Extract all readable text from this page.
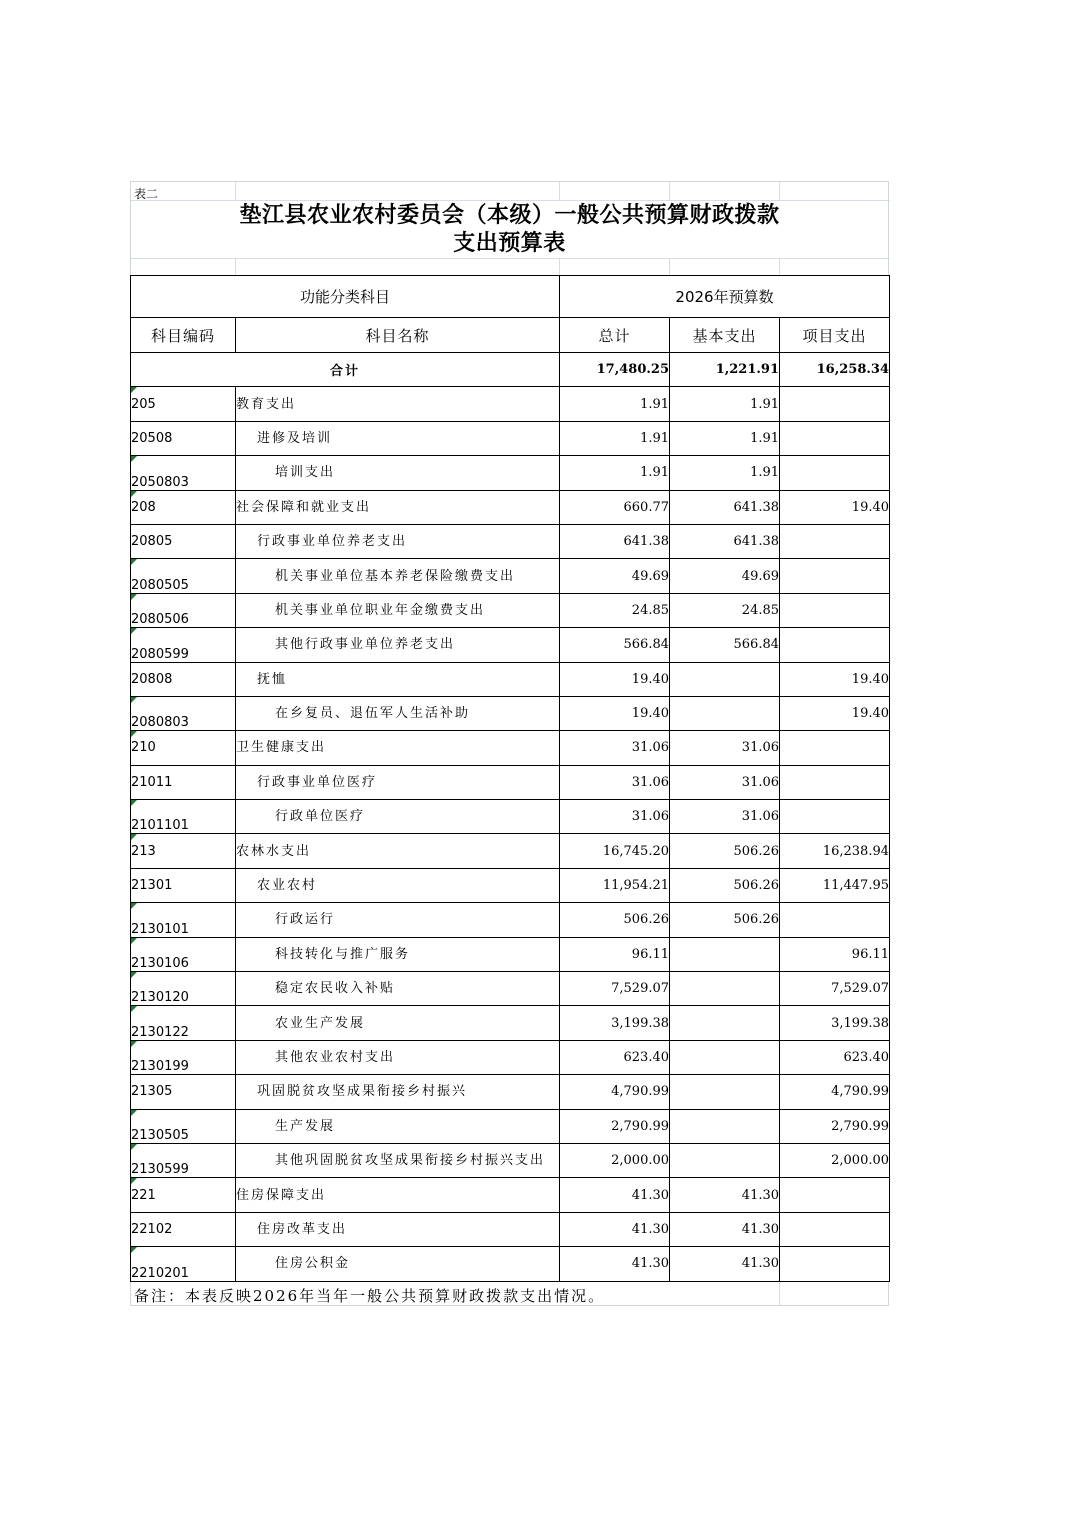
表二
垫江县农业农村委员会（本级）一般公共预算财政拨款
支出预算表
功能分类科目		2026年预算数		
科目编码	科目名称	总计	基本支出	项目支出
合计		17,480.25	1,221.91	16,258.34

205	教育支出	1.91	1.91	
20508	进修及培训	1.91	1.91	

2050803	培训支出	1.91	1.91	

208	社会保障和就业支出	660.77	641.38	19.40
20805	行政事业单位养老支出	641.38	641.38	

2080505	机关事业单位基本养老保险缴费支出	49.69	49.69	

2080506	机关事业单位职业年金缴费支出	24.85	24.85	

2080599	其他行政事业单位养老支出	566.84	566.84	
20808	抚恤	19.40		19.40

2080803	在乡复员、退伍军人生活补助	19.40		19.40

210	卫生健康支出	31.06	31.06	
21011	行政事业单位医疗	31.06	31.06	

2101101	行政单位医疗	31.06	31.06	

213	农林水支出	16,745.20	506.26	16,238.94
21301	农业农村	11,954.21	506.26	11,447.95

2130101	行政运行	506.26	506.26	

2130106	科技转化与推广服务	96.11		96.11

2130120	稳定农民收入补贴	7,529.07		7,529.07

2130122	农业生产发展	3,199.38		3,199.38

2130199	其他农业农村支出	623.40		623.40
21305	巩固脱贫攻坚成果衔接乡村振兴	4,790.99		4,790.99

2130505	生产发展	2,790.99		2,790.99

2130599	其他巩固脱贫攻坚成果衔接乡村振兴支出	2,000.00		2,000.00

221	住房保障支出	41.30	41.30	
22102	住房改革支出	41.30	41.30	

2210201	住房公积金	41.30	41.30	
备注：本表反映2026年当年一般公共预算财政拨款支出情况。
